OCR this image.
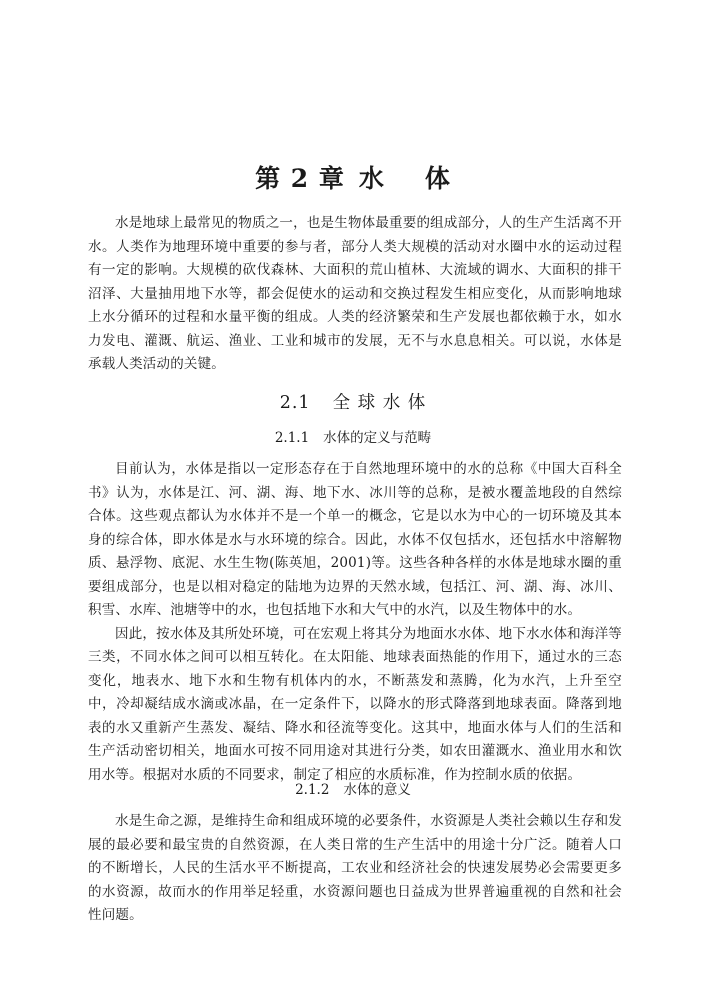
第 2 章 水 体

水是地球上最常见的物质之一，也是生物体最重要的组成部分，人的生产生活离不开水。人类作为地理环境中重要的参与者，部分人类大规模的活动对水圈中水的运动过程有一定的影响。大规模的砍伐森林、大面积的荒山植林、大流域的调水、大面积的排干沼泽、大量抽用地下水等，都会促使水的运动和交换过程发生相应变化，从而影响地球上水分循环的过程和水量平衡的组成。人类的经济繁荣和生产发展也都依赖于水，如水力发电、灌溉、航运、渔业、工业和城市的发展，无不与水息息相关。可以说，水体是承载人类活动的关键。

2.1 全 球 水 体
2.1.1 水体的定义与范畴

目前认为，水体是指以一定形态存在于自然地理环境中的水的总称《中国大百科全书》认为，水体是江、河、湖、海、地下水、冰川等的总称，是被水覆盖地段的自然综合体。这些观点都认为水体并不是一个单一的概念，它是以水为中心的一切环境及其本身的综合体，即水体是水与水环境的综合。因此，水体不仅包括水，还包括水中溶解物质、悬浮物、底泥、水生生物(陈英旭，2001)等。这些各种各样的水体是地球水圈的重要组成部分，也是以相对稳定的陆地为边界的天然水域，包括江、河、湖、海、冰川、积雪、水库、池塘等中的水，也包括地下水和大气中的水汽，以及生物体中的水。

因此，按水体及其所处环境，可在宏观上将其分为地面水水体、地下水水体和海洋等三类，不同水体之间可以相互转化。在太阳能、地球表面热能的作用下，通过水的三态变化，地表水、地下水和生物有机体内的水，不断蒸发和蒸腾，化为水汽，上升至空中，冷却凝结成水滴或冰晶，在一定条件下，以降水的形式降落到地球表面。降落到地表的水又重新产生蒸发、凝结、降水和径流等变化。这其中，地面水体与人们的生活和生产活动密切相关，地面水可按不同用途对其进行分类，如农田灌溉水、渔业用水和饮用水等。根据对水质的不同要求，制定了相应的水质标准，作为控制水质的依据。

2.1.2 水体的意义

水是生命之源，是维持生命和组成环境的必要条件，水资源是人类社会赖以生存和发展的最必要和最宝贵的自然资源，在人类日常的生产生活中的用途十分广泛。随着人口的不断增长，人民的生活水平不断提高，工农业和经济社会的快速发展势必会需要更多的水资源，故而水的作用举足轻重，水资源问题也日益成为世界普遍重视的自然和社会性问题。
